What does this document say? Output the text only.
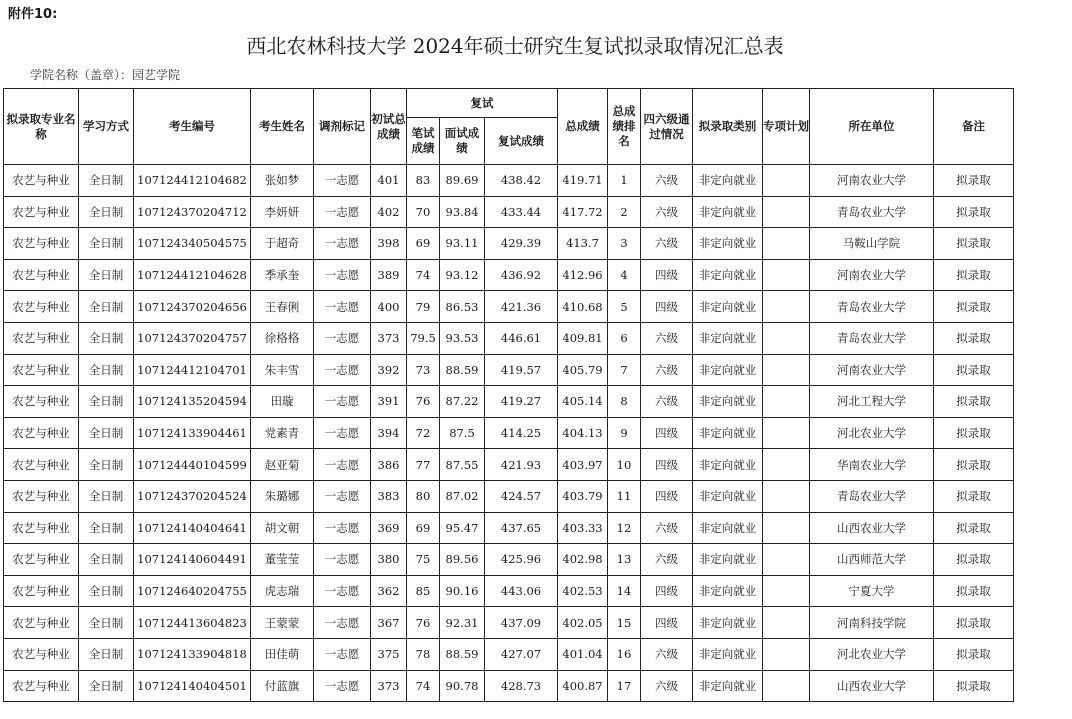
附件10:
西北农林科技大学 2024年硕士研究生复试拟录取情况汇总表
学院名称（盖章）：园艺学院
拟录取专业名称	学习方式	考生编号	考生姓名	调剂标记	初试总成绩	复试			总成绩	总成绩排名	四六级通过情况	拟录取类别	专项计划	所在单位	备注
						笔试成绩	面试成绩	复试成绩							
农艺与种业	全日制	107124412104682	张如梦	一志愿	401	83	89.69	438.42	419.71	1	六级	非定向就业		河南农业大学	拟录取
农艺与种业	全日制	107124370204712	李妍妍	一志愿	402	70	93.84	433.44	417.72	2	六级	非定向就业		青岛农业大学	拟录取
农艺与种业	全日制	107124340504575	于超奇	一志愿	398	69	93.11	429.39	413.7	3	六级	非定向就业		马鞍山学院	拟录取
农艺与种业	全日制	107124412104628	季承奎	一志愿	389	74	93.12	436.92	412.96	4	四级	非定向就业		河南农业大学	拟录取
农艺与种业	全日制	107124370204656	王春俐	一志愿	400	79	86.53	421.36	410.68	5	四级	非定向就业		青岛农业大学	拟录取
农艺与种业	全日制	107124370204757	徐格格	一志愿	373	79.5	93.53	446.61	409.81	6	六级	非定向就业		青岛农业大学	拟录取
农艺与种业	全日制	107124412104701	朱丰雪	一志愿	392	73	88.59	419.57	405.79	7	六级	非定向就业		河南农业大学	拟录取
农艺与种业	全日制	107124135204594	田璇	一志愿	391	76	87.22	419.27	405.14	8	六级	非定向就业		河北工程大学	拟录取
农艺与种业	全日制	107124133904461	党素青	一志愿	394	72	87.5	414.25	404.13	9	四级	非定向就业		河北农业大学	拟录取
农艺与种业	全日制	107124440104599	赵亚菊	一志愿	386	77	87.55	421.93	403.97	10	四级	非定向就业		华南农业大学	拟录取
农艺与种业	全日制	107124370204524	朱璐娜	一志愿	383	80	87.02	424.57	403.79	11	四级	非定向就业		青岛农业大学	拟录取
农艺与种业	全日制	107124140404641	胡文朝	一志愿	369	69	95.47	437.65	403.33	12	六级	非定向就业		山西农业大学	拟录取
农艺与种业	全日制	107124140604491	董莹莹	一志愿	380	75	89.56	425.96	402.98	13	六级	非定向就业		山西师范大学	拟录取
农艺与种业	全日制	107124640204755	虎志瑞	一志愿	362	85	90.16	443.06	402.53	14	四级	非定向就业		宁夏大学	拟录取
农艺与种业	全日制	107124413604823	王蒙蒙	一志愿	367	76	92.31	437.09	402.05	15	四级	非定向就业		河南科技学院	拟录取
农艺与种业	全日制	107124133904818	田佳萌	一志愿	375	78	88.59	427.07	401.04	16	六级	非定向就业		河北农业大学	拟录取
农艺与种业	全日制	107124140404501	付蓝旗	一志愿	373	74	90.78	428.73	400.87	17	六级	非定向就业		山西农业大学	拟录取
